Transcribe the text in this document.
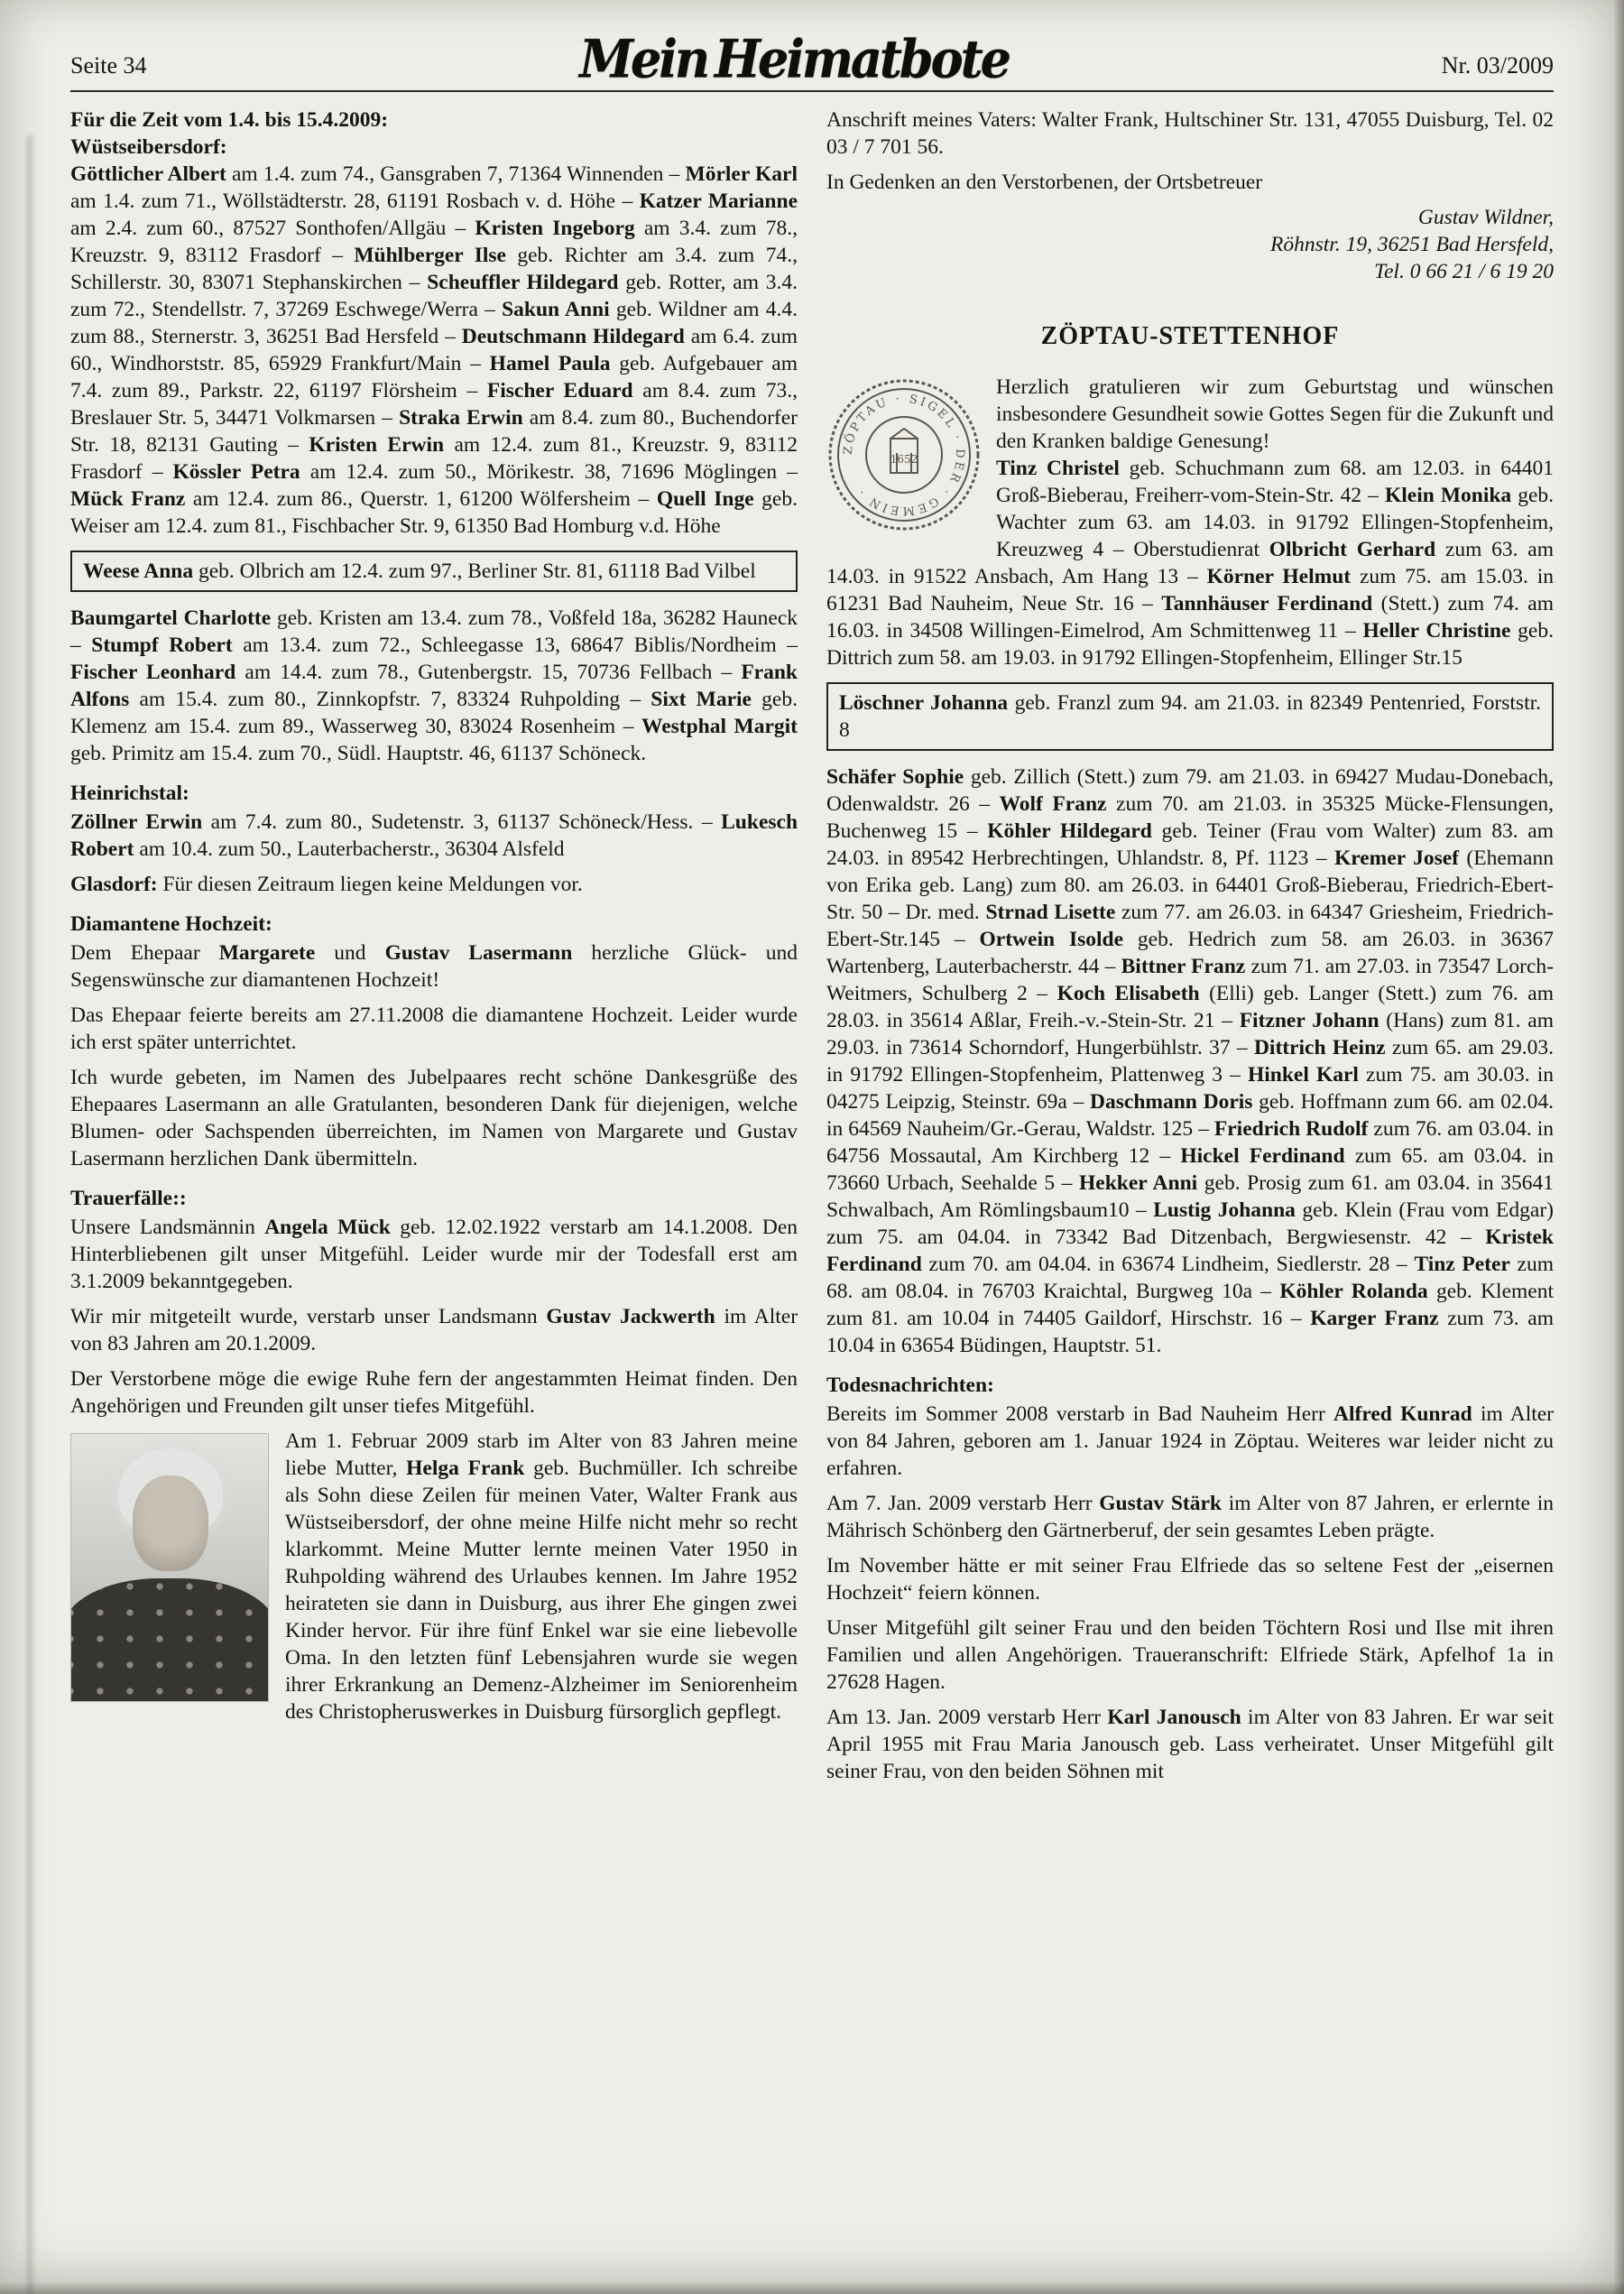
Seite 34	Mein Heimatbote	Nr. 03/2009
Für die Zeit vom 1.4. bis 15.4.2009:
Wüstseibersdorf:
Göttlicher Albert am 1.4. zum 74., Gansgraben 7, 71364 Winnenden – Mörler Karl am 1.4. zum 71., Wöllstädterstr. 28, 61191 Rosbach v. d. Höhe – Katzer Marianne am 2.4. zum 60., 87527 Sonthofen/Allgäu – Kristen Ingeborg am 3.4. zum 78., Kreuzstr. 9, 83112 Frasdorf – Mühlberger Ilse geb. Richter am 3.4. zum 74., Schillerstr. 30, 83071 Stephanskirchen – Scheuffler Hildegard geb. Rotter, am 3.4. zum 72., Stendellstr. 7, 37269 Eschwege/Werra – Sakun Anni geb. Wildner am 4.4. zum 88., Sternerstr. 3, 36251 Bad Hersfeld – Deutschmann Hildegard am 6.4. zum 60., Windhorststr. 85, 65929 Frankfurt/Main – Hamel Paula geb. Aufgebauer am 7.4. zum 89., Parkstr. 22, 61197 Flörsheim – Fischer Eduard am 8.4. zum 73., Breslauer Str. 5, 34471 Volkmarsen – Straka Erwin am 8.4. zum 80., Buchendorfer Str. 18, 82131 Gauting – Kristen Erwin am 12.4. zum 81., Kreuzstr. 9, 83112 Frasdorf – Kössler Petra am 12.4. zum 50., Mörikestr. 38, 71696 Möglingen – Mück Franz am 12.4. zum 86., Querstr. 1, 61200 Wölfersheim – Quell Inge geb. Weiser am 12.4. zum 81., Fischbacher Str. 9, 61350 Bad Homburg v.d. Höhe
Weese Anna geb. Olbrich am 12.4. zum 97., Berliner Str. 81, 61118 Bad Vilbel
Baumgartel Charlotte geb. Kristen am 13.4. zum 78., Voßfeld 18a, 36282 Hauneck – Stumpf Robert am 13.4. zum 72., Schleegasse 13, 68647 Biblis/Nordheim – Fischer Leonhard am 14.4. zum 78., Gutenbergstr. 15, 70736 Fellbach – Frank Alfons am 15.4. zum 80., Zinnkopfstr. 7, 83324 Ruhpolding – Sixt Marie geb. Klemenz am 15.4. zum 89., Wasserweg 30, 83024 Rosenheim – Westphal Margit geb. Primitz am 15.4. zum 70., Südl. Hauptstr. 46, 61137 Schöneck.
Heinrichstal:
Zöllner Erwin am 7.4. zum 80., Sudetenstr. 3, 61137 Schöneck/Hess. – Lukesch Robert am 10.4. zum 50., Lauterbacherstr., 36304 Alsfeld
Glasdorf: Für diesen Zeitraum liegen keine Meldungen vor.
Diamantene Hochzeit:
Dem Ehepaar Margarete und Gustav Lasermann herzliche Glück- und Segenswünsche zur diamantenen Hochzeit!
Das Ehepaar feierte bereits am 27.11.2008 die diamantene Hochzeit. Leider wurde ich erst später unterrichtet.
Ich wurde gebeten, im Namen des Jubelpaares recht schöne Dankesgrüße des Ehepaares Lasermann an alle Gratulanten, besonderen Dank für diejenigen, welche Blumen- oder Sachspenden überreichten, im Namen von Margarete und Gustav Lasermann herzlichen Dank übermitteln.
Trauerfälle::
Unsere Landsmännin Angela Mück geb. 12.02.1922 verstarb am 14.1.2008. Den Hinterbliebenen gilt unser Mitgefühl. Leider wurde mir der Todesfall erst am 3.1.2009 bekanntgegeben.
Wir mir mitgeteilt wurde, verstarb unser Landsmann Gustav Jackwerth im Alter von 83 Jahren am 20.1.2009.
Der Verstorbene möge die ewige Ruhe fern der angestammten Heimat finden. Den Angehörigen und Freunden gilt unser tiefes Mitgefühl.
Am 1. Februar 2009 starb im Alter von 83 Jahren meine liebe Mutter, Helga Frank geb. Buchmüller. Ich schreibe als Sohn diese Zeilen für meinen Vater, Walter Frank aus Wüstseibersdorf, der ohne meine Hilfe nicht mehr so recht klarkommt. Meine Mutter lernte meinen Vater 1950 in Ruhpolding während des Urlaubes kennen. Im Jahre 1952 heirateten sie dann in Duisburg, aus ihrer Ehe gingen zwei Kinder hervor. Für ihre fünf Enkel war sie eine liebevolle Oma. In den letzten fünf Lebensjahren wurde sie wegen ihrer Erkrankung an Demenz-Alzheimer im Seniorenheim des Christopheruswerkes in Duisburg fürsorglich gepflegt.
Anschrift meines Vaters: Walter Frank, Hultschiner Str. 131, 47055 Duisburg, Tel. 02 03 / 7 701 56.
In Gedenken an den Verstorbenen, der Ortsbetreuer
Gustav Wildner,
Röhnstr. 19, 36251 Bad Hersfeld,
Tel. 0 66 21 / 6 19 20
ZÖPTAU-STETTENHOF
ZÖPTAU · SIGEL · DER · GEMEIN ·
1652
Herzlich gratulieren wir zum Geburtstag und wünschen insbesondere Gesundheit sowie Gottes Segen für die Zukunft und den Kranken baldige Genesung!
Tinz Christel geb. Schuchmann zum 68. am 12.03. in 64401 Groß-Bieberau, Freiherr-vom-Stein-Str. 42 – Klein Monika geb. Wachter zum 63. am 14.03. in 91792 Ellingen-Stopfenheim, Kreuzweg 4 – Oberstudienrat Olbricht Gerhard zum 63. am 14.03. in 91522 Ansbach, Am Hang 13 – Körner Helmut zum 75. am 15.03. in 61231 Bad Nauheim, Neue Str. 16 – Tannhäuser Ferdinand (Stett.) zum 74. am 16.03. in 34508 Willingen-Eimelrod, Am Schmittenweg 11 – Heller Christine geb. Dittrich zum 58. am 19.03. in 91792 Ellingen-Stopfenheim, Ellinger Str.15
Löschner Johanna geb. Franzl zum 94. am 21.03. in 82349 Pentenried, Forststr. 8
Schäfer Sophie geb. Zillich (Stett.) zum 79. am 21.03. in 69427 Mudau-Donebach, Odenwaldstr. 26 – Wolf Franz zum 70. am 21.03. in 35325 Mücke-Flensungen, Buchenweg 15 – Köhler Hildegard geb. Teiner (Frau vom Walter) zum 83. am 24.03. in 89542 Herbrechtingen, Uhlandstr. 8, Pf. 1123 – Kremer Josef (Ehemann von Erika geb. Lang) zum 80. am 26.03. in 64401 Groß-Bieberau, Friedrich-Ebert-Str. 50 – Dr. med. Strnad Lisette zum 77. am 26.03. in 64347 Griesheim, Friedrich-Ebert-Str.145 – Ortwein Isolde geb. Hedrich zum 58. am 26.03. in 36367 Wartenberg, Lauterbacherstr. 44 – Bittner Franz zum 71. am 27.03. in 73547 Lorch-Weitmers, Schulberg 2 – Koch Elisabeth (Elli) geb. Langer (Stett.) zum 76. am 28.03. in 35614 Aßlar, Freih.-v.-Stein-Str. 21 – Fitzner Johann (Hans) zum 81. am 29.03. in 73614 Schorndorf, Hungerbühlstr. 37 – Dittrich Heinz zum 65. am 29.03. in 91792 Ellingen-Stopfenheim, Plattenweg 3 – Hinkel Karl zum 75. am 30.03. in 04275 Leipzig, Steinstr. 69a – Daschmann Doris geb. Hoffmann zum 66. am 02.04. in 64569 Nauheim/Gr.-Gerau, Waldstr. 125 – Friedrich Rudolf zum 76. am 03.04. in 64756 Mossautal, Am Kirchberg 12 – Hickel Ferdinand zum 65. am 03.04. in 73660 Urbach, Seehalde 5 – Hekker Anni geb. Prosig zum 61. am 03.04. in 35641 Schwalbach, Am Römlingsbaum10 – Lustig Johanna geb. Klein (Frau vom Edgar) zum 75. am 04.04. in 73342 Bad Ditzenbach, Bergwiesenstr. 42 – Kristek Ferdinand zum 70. am 04.04. in 63674 Lindheim, Siedlerstr. 28 – Tinz Peter zum 68. am 08.04. in 76703 Kraichtal, Burgweg 10a – Köhler Rolanda geb. Klement zum 81. am 10.04 in 74405 Gaildorf, Hirschstr. 16 – Karger Franz zum 73. am 10.04 in 63654 Büdingen, Hauptstr. 51.
Todesnachrichten:
Bereits im Sommer 2008 verstarb in Bad Nauheim Herr Alfred Kunrad im Alter von 84 Jahren, geboren am 1. Januar 1924 in Zöptau. Weiteres war leider nicht zu erfahren.
Am 7. Jan. 2009 verstarb Herr Gustav Stärk im Alter von 87 Jahren, er erlernte in Mährisch Schönberg den Gärtnerberuf, der sein gesamtes Leben prägte.
Im November hätte er mit seiner Frau Elfriede das so seltene Fest der „eisernen Hochzeit“ feiern können.
Unser Mitgefühl gilt seiner Frau und den beiden Töchtern Rosi und Ilse mit ihren Familien und allen Angehörigen. Traueranschrift: Elfriede Stärk, Apfelhof 1a in 27628 Hagen.
Am 13. Jan. 2009 verstarb Herr Karl Janousch im Alter von 83 Jahren. Er war seit April 1955 mit Frau Maria Janousch geb. Lass verheiratet. Unser Mitgefühl gilt seiner Frau, von den beiden Söhnen mit
